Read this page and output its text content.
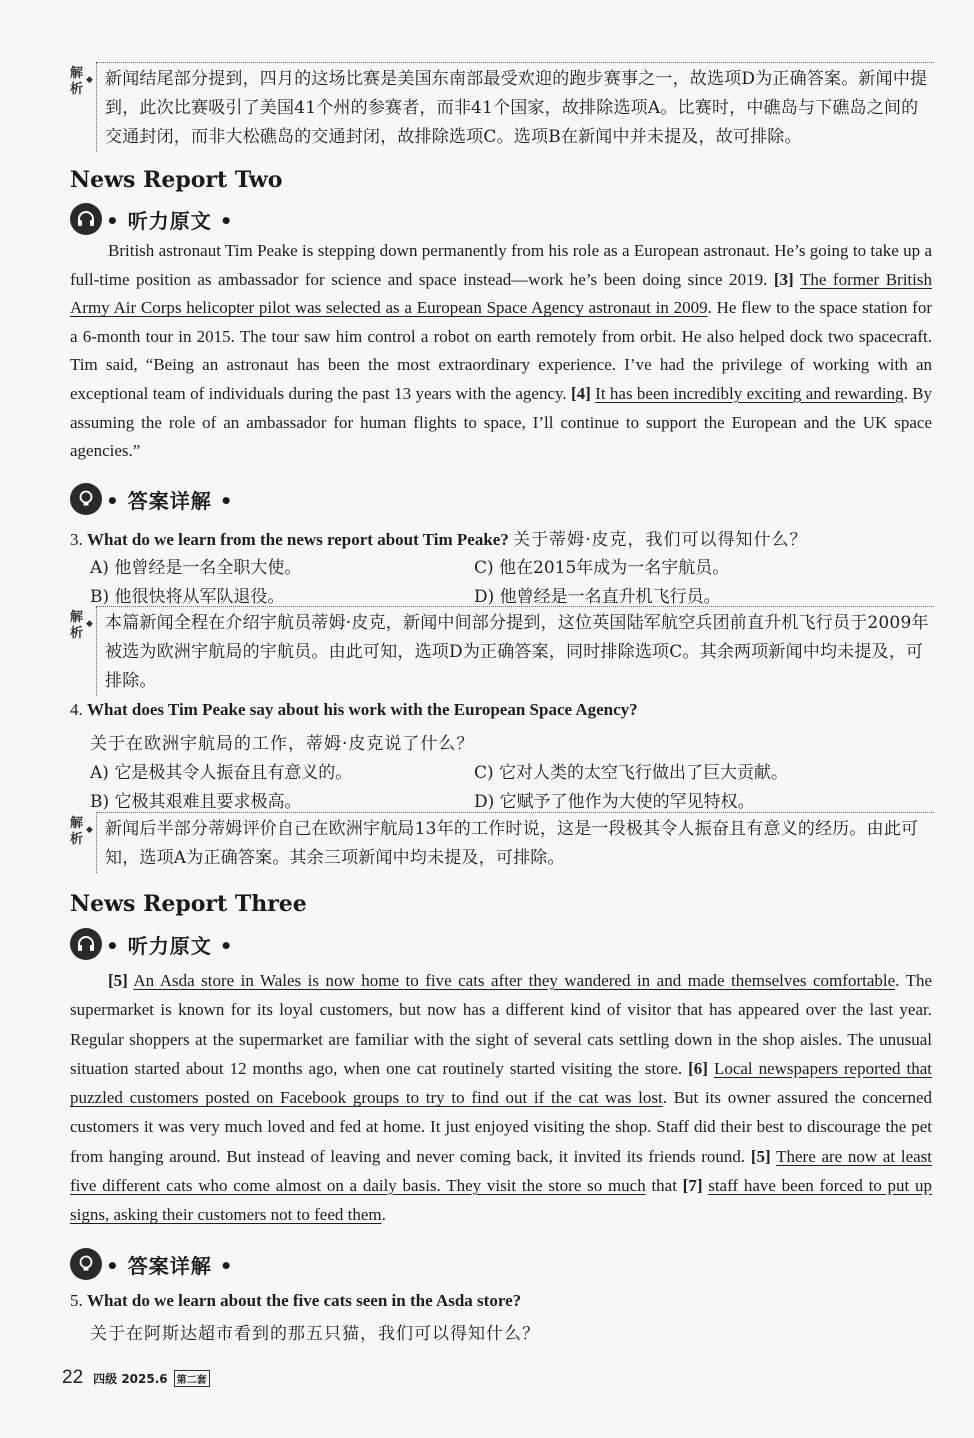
解析
◆ 新闻结尾部分提到，四月的这场比赛是美国东南部最受欢迎的跑步赛事之一，故选项D为正确答案。新闻中提到，此次比赛吸引了美国41个州的参赛者，而非41个国家，故排除选项A。比赛时，中礁岛与下礁岛之间的交通封闭，而非大松礁岛的交通封闭，故排除选项C。选项B在新闻中并未提及，故可排除。
News Report Two
• 听力原文 •
British astronaut Tim Peake is stepping down permanently from his role as a European astronaut. He’s going to take up a full-time position as ambassador for science and space instead—work he’s been doing since 2019. [3] The former British Army Air Corps helicopter pilot was selected as a European Space Agency astronaut in 2009. He flew to the space station for a 6-month tour in 2015. The tour saw him control a robot on earth remotely from orbit. He also helped dock two spacecraft. Tim said, “Being an astronaut has been the most extraordinary experience. I’ve had the privilege of working with an exceptional team of individuals during the past 13 years with the agency. [4] It has been incredibly exciting and rewarding. By assuming the role of an ambassador for human flights to space, I’ll continue to support the European and the UK space agencies.”
• 答案详解 •
3. What do we learn from the news report about Tim Peake? 关于蒂姆·皮克，我们可以得知什么？
A) 他曾经是一名全职大使。	C) 他在2015年成为一名宇航员。
B) 他很快将从军队退役。	D) 他曾经是一名直升机飞行员。
解析
◆ 本篇新闻全程在介绍宇航员蒂姆·皮克，新闻中间部分提到，这位英国陆军航空兵团前直升机飞行员于2009年被选为欧洲宇航局的宇航员。由此可知，选项D为正确答案，同时排除选项C。其余两项新闻中均未提及，可排除。
4. What does Tim Peake say about his work with the European Space Agency?
关于在欧洲宇航局的工作，蒂姆·皮克说了什么？
A) 它是极其令人振奋且有意义的。	C) 它对人类的太空飞行做出了巨大贡献。
B) 它极其艰难且要求极高。	D) 它赋予了他作为大使的罕见特权。
解析
◆ 新闻后半部分蒂姆评价自己在欧洲宇航局13年的工作时说，这是一段极其令人振奋且有意义的经历。由此可知，选项A为正确答案。其余三项新闻中均未提及，可排除。
News Report Three
• 听力原文 •
[5] An Asda store in Wales is now home to five cats after they wandered in and made themselves comfortable. The supermarket is known for its loyal customers, but now has a different kind of visitor that has appeared over the last year. Regular shoppers at the supermarket are familiar with the sight of several cats settling down in the shop aisles. The unusual situation started about 12 months ago, when one cat routinely started visiting the store. [6] Local newspapers reported that puzzled customers posted on Facebook groups to try to find out if the cat was lost. But its owner assured the concerned customers it was very much loved and fed at home. It just enjoyed visiting the shop. Staff did their best to discourage the pet from hanging around. But instead of leaving and never coming back, it invited its friends round. [5] There are now at least five different cats who come almost on a daily basis. They visit the store so much that [7] staff have been forced to put up signs, asking their customers not to feed them.
• 答案详解 •
5. What do we learn about the five cats seen in the Asda store?
关于在阿斯达超市看到的那五只猫，我们可以得知什么？
22 四级 2025.6 第二套
